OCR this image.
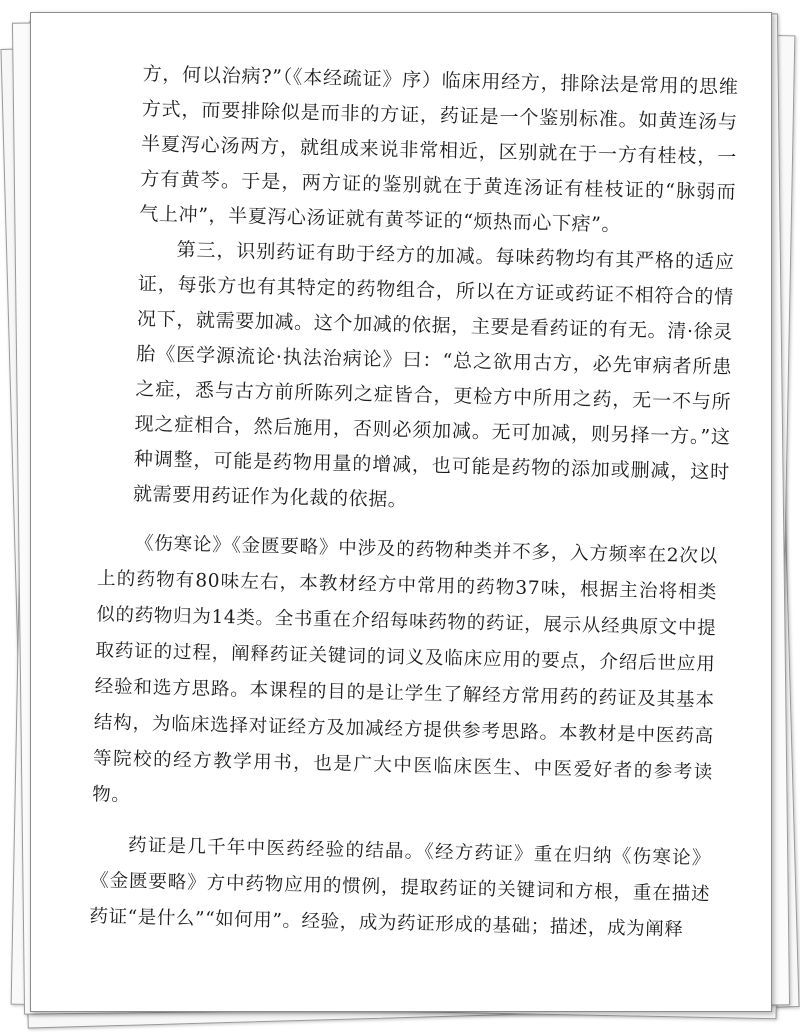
方，何以治病?”（《本经疏证》序）临床用经方，排除法是常用的思维方式，而要排除似是而非的方证，药证是一个鉴别标准。如黄连汤与半夏泻心汤两方，就组成来说非常相近，区别就在于一方有桂枝，一方有黄芩。于是，两方证的鉴别就在于黄连汤证有桂枝证的“脉弱而气上冲”，半夏泻心汤证就有黄芩证的“烦热而心下痞”。

第三，识别药证有助于经方的加减。每味药物均有其严格的适应证，每张方也有其特定的药物组合，所以在方证或药证不相符合的情况下，就需要加减。这个加减的依据，主要是看药证的有无。清·徐灵胎《医学源流论·执法治病论》曰：“总之欲用古方，必先审病者所患之症，悉与古方前所陈列之症皆合，更检方中所用之药，无一不与所现之症相合，然后施用，否则必须加减。无可加减，则另择一方。”这种调整，可能是药物用量的增减，也可能是药物的添加或删减，这时就需要用药证作为化裁的依据。

《伤寒论》《金匮要略》中涉及的药物种类并不多，入方频率在2次以上的药物有80味左右，本教材经方中常用的药物37味，根据主治将相类似的药物归为14类。全书重在介绍每味药物的药证，展示从经典原文中提取药证的过程，阐释药证关键词的词义及临床应用的要点，介绍后世应用经验和选方思路。本课程的目的是让学生了解经方常用药的药证及其基本结构，为临床选择对证经方及加减经方提供参考思路。本教材是中医药高等院校的经方教学用书，也是广大中医临床医生、中医爱好者的参考读物。

药证是几千年中医药经验的结晶。《经方药证》重在归纳《伤寒论》《金匮要略》方中药物应用的惯例，提取药证的关键词和方根，重在描述药证“是什么”“如何用”。经验，成为药证形成的基础；描述，成为阐释
